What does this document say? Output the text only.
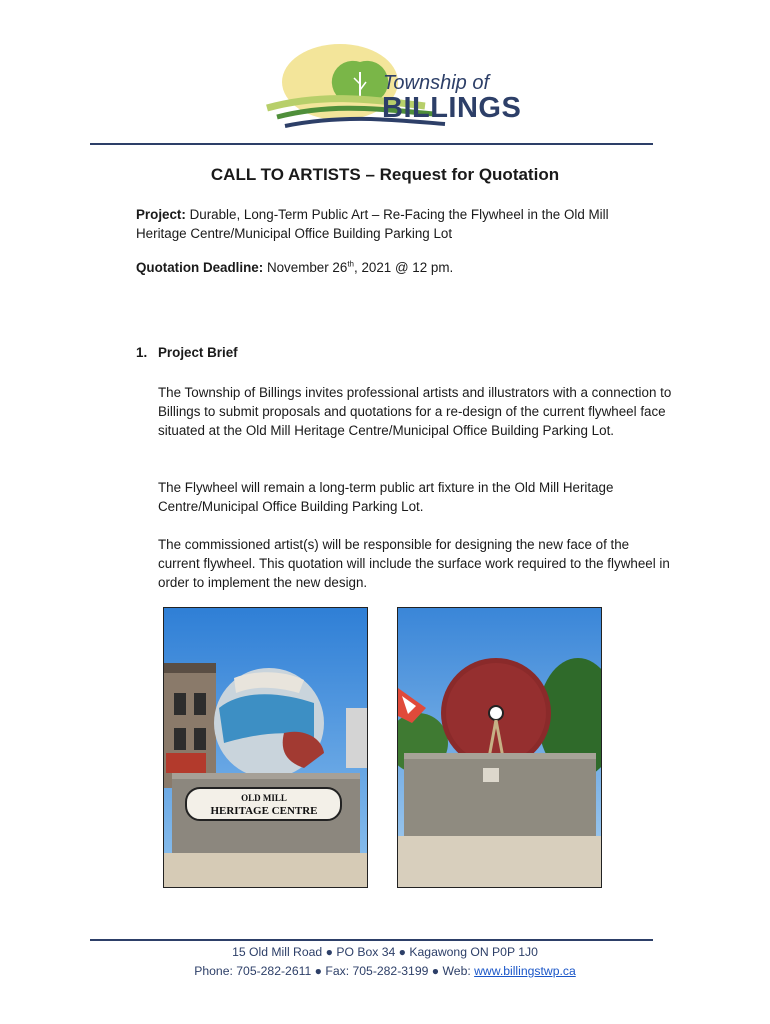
Township of
BILLINGS
CALL TO ARTISTS – Request for Quotation
Project: Durable, Long-Term Public Art – Re-Facing the Flywheel in the Old Mill Heritage Centre/Municipal Office Building Parking Lot
Quotation Deadline: November 26th, 2021 @ 12 pm.
1. Project Brief
The Township of Billings invites professional artists and illustrators with a connection to Billings to submit proposals and quotations for a re-design of the current flywheel face situated at the Old Mill Heritage Centre/Municipal Office Building Parking Lot.
The Flywheel will remain a long-term public art fixture in the Old Mill Heritage Centre/Municipal Office Building Parking Lot.
The commissioned artist(s) will be responsible for designing the new face of the current flywheel. This quotation will include the surface work required to the flywheel in order to implement the new design.
OLD MILL
HERITAGE CENTRE
15 Old Mill Road ● PO Box 34 ● Kagawong ON P0P 1J0
Phone: 705-282-2611 ● Fax: 705-282-3199 ● Web: www.billingstwp.ca
